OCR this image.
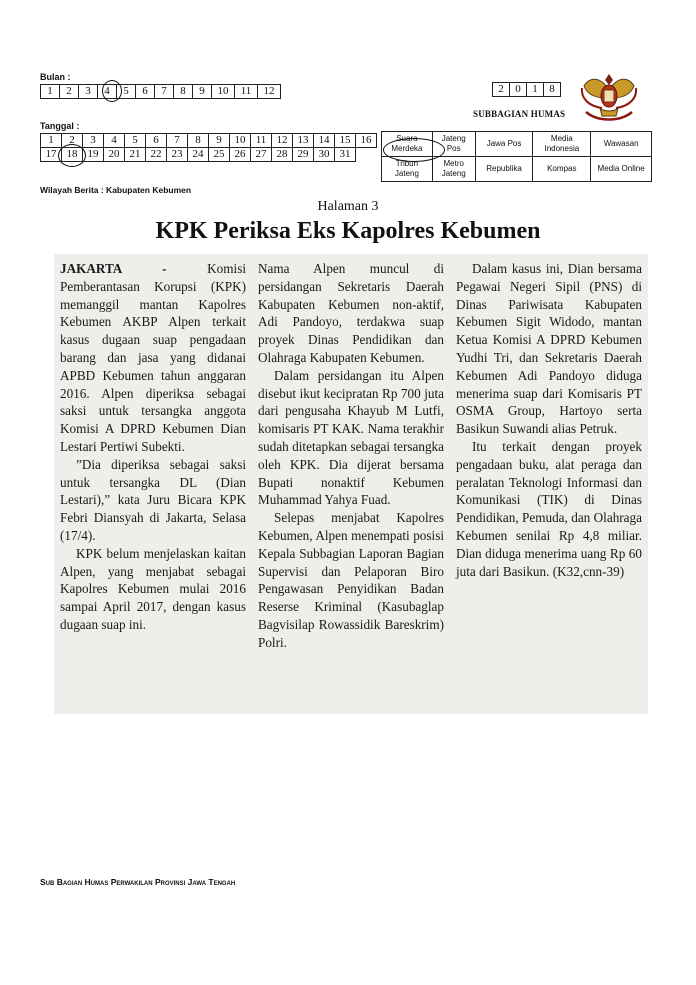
Bulan :
1	2	3	4	5	6	7	8	9	10	11	12
Tanggal :
1	2	3	4	5	6	7	8	9	10	11	12	13	14	15	16
17	18	19	20	21	22	23	24	25	26	27	28	29	30	31	
Wilayah Berita : Kabupaten Kebumen
2	0	1	8
SUBBAGIAN HUMAS
Suara Merdeka	Jateng Pos	Jawa Pos	Media Indonesia	Wawasan
Tribun Jateng	Metro Jateng	Republika	Kompas	Media Online
Halaman 3
KPK Periksa Eks Kapolres Kebumen

JAKARTA -	Komisi Pemberantasan Korupsi (KPK) memanggil mantan Kapolres Kebumen AKBP Alpen terkait kasus dugaan suap pengadaan barang dan jasa yang didanai APBD Kebumen tahun anggaran 2016. Alpen diperiksa sebagai saksi untuk tersangka anggota Komisi A DPRD Kebumen Dian Lestari Pertiwi Subekti.

”Dia diperiksa sebagai saksi untuk tersangka DL (Dian Lestari),” kata Juru Bicara KPK Febri Diansyah di Jakarta, Selasa (17/4).

KPK belum menjelaskan kaitan Alpen, yang menjabat sebagai Kapolres Kebumen mulai 2016 sampai April 2017, dengan kasus dugaan suap ini.

Nama Alpen muncul di persidangan Sekretaris Daerah Kabupaten Kebumen non-aktif, Adi Pandoyo, terdakwa suap proyek Dinas Pendidikan dan Olahraga Kabupaten Kebumen.

Dalam persidangan itu Alpen disebut ikut kecipratan Rp 700 juta dari pengusaha Khayub M Lutfi, komisaris PT KAK. Nama terakhir sudah ditetapkan sebagai tersangka oleh KPK. Dia dijerat bersama Bupati nonaktif Kebumen Muhammad Yahya Fuad.

Selepas menjabat Kapolres Kebumen, Alpen menempati posisi Kepala Subbagian Laporan Bagian Supervisi dan Pelaporan Biro Pengawasan Penyidikan Badan Reserse Kriminal (Kasubaglap Bagvisilap Rowassidik Bareskrim) Polri.

Dalam kasus ini, Dian bersama Pegawai Negeri Sipil (PNS) di Dinas Pariwisata Kabupaten Kebumen Sigit Widodo, mantan Ketua Komisi A DPRD Kebumen Yudhi Tri, dan Sekretaris Daerah Kebumen Adi Pandoyo diduga menerima suap dari Komisaris PT OSMA Group, Hartoyo serta Basikun Suwandi alias Petruk.

Itu terkait dengan proyek pengadaan buku, alat peraga dan peralatan Teknologi Informasi dan Komunikasi (TIK) di Dinas Pendidikan, Pemuda, dan Olahraga Kebumen senilai Rp 4,8 miliar. Dian diduga menerima uang Rp 60 juta dari Basikun. (K32,cnn-39)

Sub Bagian Humas Perwakilan Provinsi Jawa Tengah
